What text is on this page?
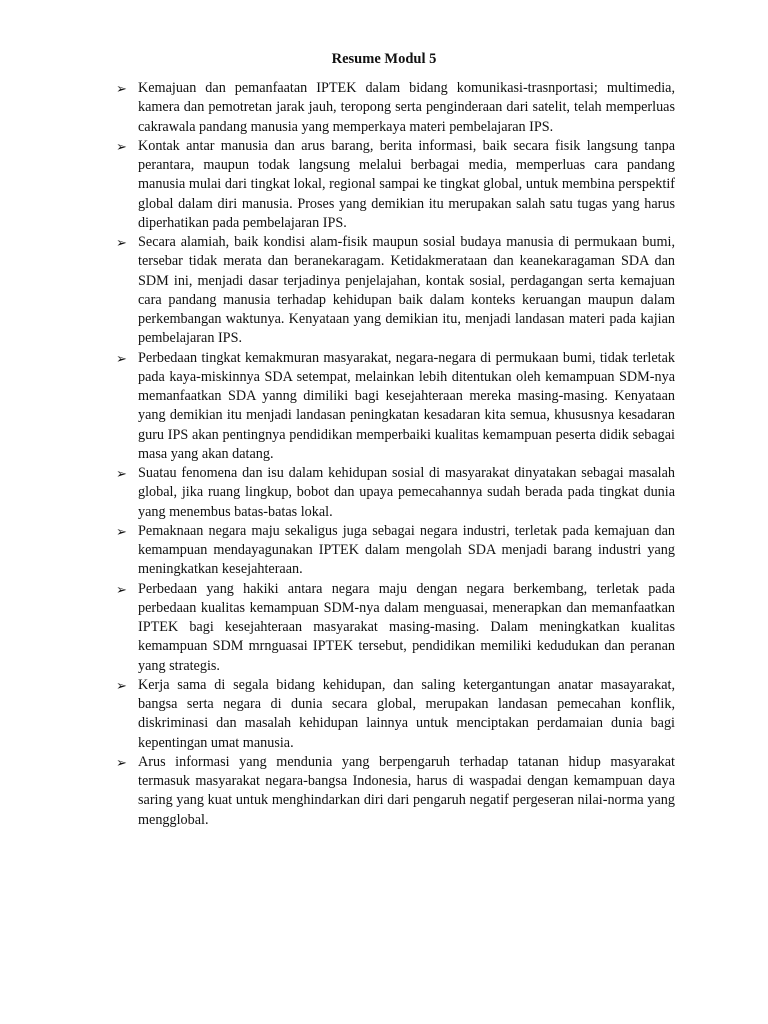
Resume Modul 5
➢ Kemajuan dan pemanfaatan IPTEK dalam bidang komunikasi-trasnportasi; multimedia, kamera dan pemotretan jarak jauh, teropong serta penginderaan dari satelit, telah memperluas cakrawala pandang manusia yang memperkaya materi pembelajaran IPS.
➢ Kontak antar manusia dan arus barang, berita informasi, baik secara fisik langsung tanpa perantara, maupun todak langsung melalui berbagai media, memperluas cara pandang manusia mulai dari tingkat lokal, regional sampai ke tingkat global, untuk membina perspektif global dalam diri manusia. Proses yang demikian itu merupakan salah satu tugas yang harus diperhatikan pada pembelajaran IPS.
➢ Secara alamiah, baik kondisi alam-fisik maupun sosial budaya manusia di permukaan bumi, tersebar tidak merata dan beranekaragam. Ketidakmerataan dan keanekaragaman SDA dan SDM ini, menjadi dasar terjadinya penjelajahan, kontak sosial, perdagangan serta kemajuan cara pandang manusia terhadap kehidupan baik dalam konteks keruangan maupun dalam perkembangan waktunya. Kenyataan yang demikian itu, menjadi landasan materi pada kajian pembelajaran IPS.
➢ Perbedaan tingkat kemakmuran masyarakat, negara-negara di permukaan bumi, tidak terletak pada kaya-miskinnya SDA setempat, melainkan lebih ditentukan oleh kemampuan SDM-nya memanfaatkan SDA yanng dimiliki bagi kesejahteraan mereka masing-masing. Kenyataan yang demikian itu menjadi landasan peningkatan kesadaran kita semua, khususnya kesadaran guru IPS akan pentingnya pendidikan memperbaiki kualitas kemampuan peserta didik sebagai masa yang akan datang.
➢ Suatau fenomena dan isu dalam kehidupan sosial di masyarakat dinyatakan sebagai masalah global, jika ruang lingkup, bobot dan upaya pemecahannya sudah berada pada tingkat dunia yang menembus batas-batas lokal.
➢ Pemaknaan negara maju sekaligus juga sebagai negara industri, terletak pada kemajuan dan kemampuan mendayagunakan IPTEK dalam mengolah SDA menjadi barang industri yang meningkatkan kesejahteraan.
➢ Perbedaan yang hakiki antara negara maju dengan negara berkembang, terletak pada perbedaan kualitas kemampuan SDM-nya dalam menguasai, menerapkan dan memanfaatkan IPTEK bagi kesejahteraan masyarakat masing-masing. Dalam meningkatkan kualitas kemampuan SDM mrnguasai IPTEK tersebut, pendidikan memiliki kedudukan dan peranan yang strategis.
➢ Kerja sama di segala bidang kehidupan, dan saling ketergantungan anatar masayarakat, bangsa serta negara di dunia secara global, merupakan landasan pemecahan konflik, diskriminasi dan masalah kehidupan lainnya untuk menciptakan perdamaian dunia bagi kepentingan umat manusia.
➢ Arus informasi yang mendunia yang berpengaruh terhadap tatanan hidup masyarakat termasuk masyarakat negara-bangsa Indonesia, harus di waspadai dengan kemampuan daya saring yang kuat untuk menghindarkan diri dari pengaruh negatif pergeseran nilai-norma yang mengglobal.
